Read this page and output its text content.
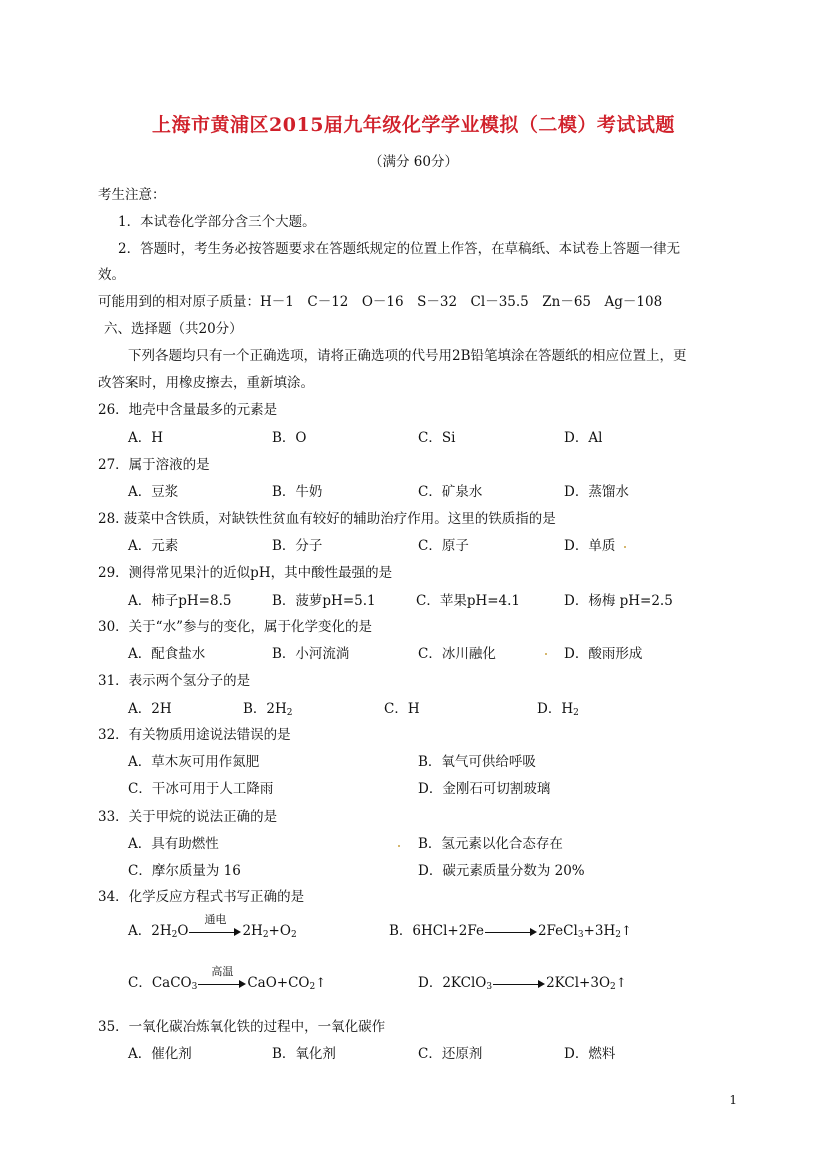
上海市黄浦区2015届九年级化学学业模拟（二模）考试试题
（满分 60分）
考生注意：
1．本试卷化学部分含三个大题。
2．答题时，考生务必按答题要求在答题纸规定的位置上作答，在草稿纸、本试卷上答题一律无
效。
可能用到的相对原子质量：H－1　C－12　O－16　S－32　Cl－35.5　Zn－65　Ag－108
六、选择题（共20分）
下列各题均只有一个正确选项，请将正确选项的代号用2B铅笔填涂在答题纸的相应位置上，更
改答案时，用橡皮擦去，重新填涂。
26．地壳中含量最多的元素是
A．H	B．O	C．Si	D．Al
27．属于溶液的是
A．豆浆	B．牛奶	C．矿泉水	D．蒸馏水
28. 菠菜中含铁质，对缺铁性贫血有较好的辅助治疗作用。这里的铁质指的是
A．元素	B．分子	C．原子	D．单质
29．测得常见果汁的近似pH，其中酸性最强的是
A．柿子pH=8.5	B．菠萝pH=5.1	C．苹果pH=4.1	D．杨梅 pH=2.5
30．关于“水”参与的变化，属于化学变化的是
A．配食盐水	B．小河流淌	C．冰川融化	D．酸雨形成
31．表示两个氢分子的是
A．2H	B．$2H_2$	C．H	D．$H_2$
32．有关物质用途说法错误的是
A．草木灰可用作氮肥	B．氧气可供给呼吸
C．干冰可用于人工降雨	D．金刚石可切割玻璃
33．关于甲烷的说法正确的是
A．具有助燃性	B．氢元素以化合态存在
C．摩尔质量为 16	D．碳元素质量分数为 20%
34．化学反应方程式书写正确的是
A．$2H_2O$
通电
$2H_2+O_2$	B．6HCl+2Fe	$2FeCl_3+3H_2↑$
C．CaCO$_3$
高温
$CaO+CO_2↑$	D．2KClO$_3$	$2KCl+3O_2↑$
35．一氧化碳冶炼氧化铁的过程中，一氧化碳作
A．催化剂	B．氧化剂	C．还原剂	D．燃料
1
